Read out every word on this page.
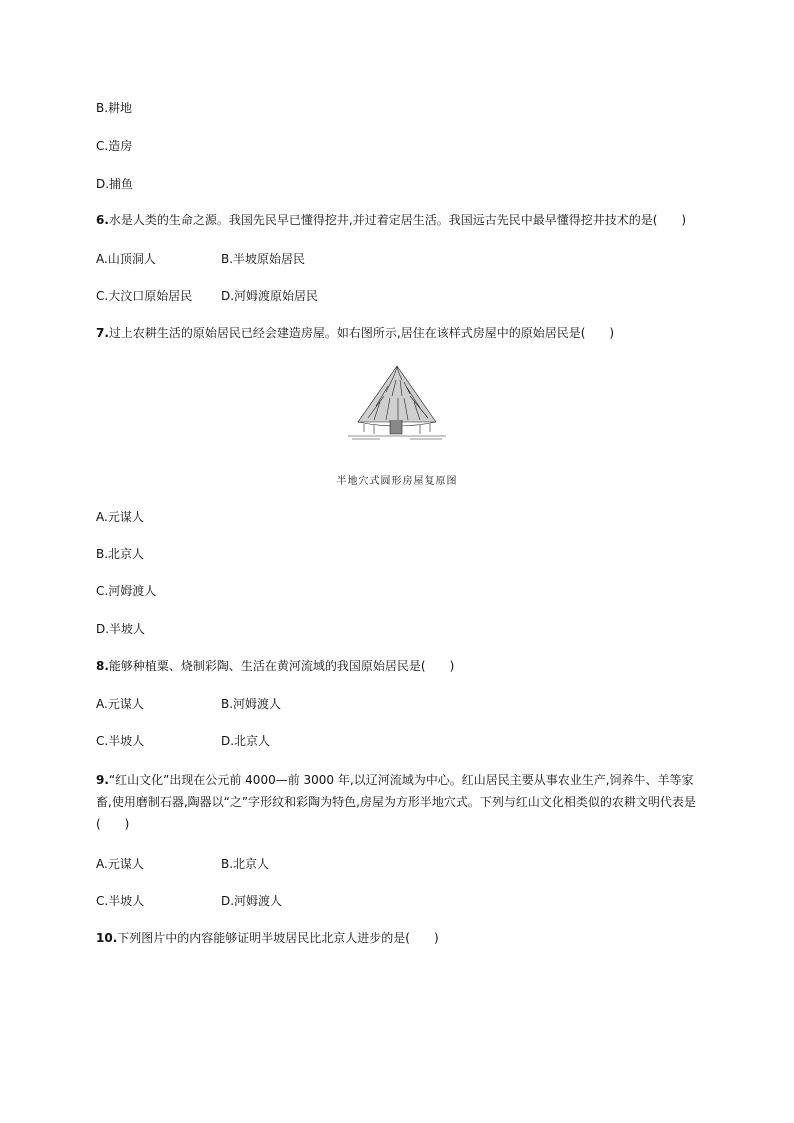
B.耕地
C.造房
D.捕鱼
6.水是人类的生命之源。我国先民早已懂得挖井,并过着定居生活。我国远古先民中最早懂得挖井技术的是(　　)
A.山顶洞人	B.半坡原始居民
C.大汶口原始居民 D.河姆渡原始居民
7.过上农耕生活的原始居民已经会建造房屋。如右图所示,居住在该样式房屋中的原始居民是(　　)
半地穴式圆形房屋复原图
A.元谋人
B.北京人
C.河姆渡人
D.半坡人
8.能够种植粟、烧制彩陶、生活在黄河流域的我国原始居民是(　　)
A.元谋人	B.河姆渡人
C.半坡人	D.北京人
9.“红山文化”出现在公元前 4000—前 3000 年,以辽河流域为中心。红山居民主要从事农业生产,饲养牛、羊等家畜,使用磨制石器,陶器以“之”字形纹和彩陶为特色,房屋为方形半地穴式。下列与红山文化相类似的农耕文明代表是(　　)
A.元谋人	B.北京人
C.半坡人	D.河姆渡人
10.下列图片中的内容能够证明半坡居民比北京人进步的是(　　)
